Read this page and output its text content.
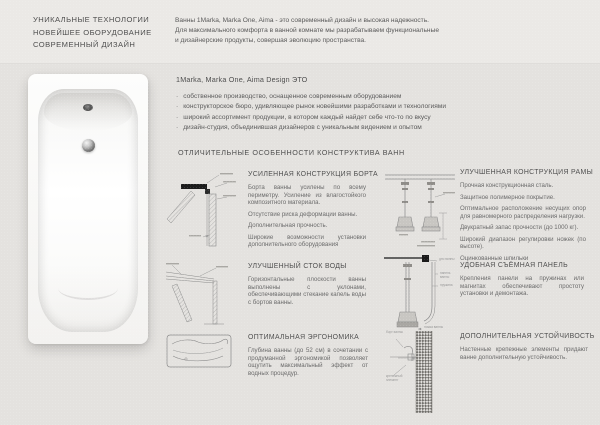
УНИКАЛЬНЫЕ ТЕХНОЛОГИИ
НОВЕЙШЕЕ ОБОРУДОВАНИЕ
СОВРЕМЕННЫЙ ДИЗАЙН
Ванны 1Marka, Marka One, Aima - это современный дизайн и высокая надежность.
Для максимального комфорта в ванной комнате мы разрабатываем функциональные
и дизайнерские продукты, совершая эволюцию пространства.
1Marka, Marka One, Aima Design ЭТО
· собственное производство, оснащенное современным оборудованием
· конструкторское бюро, удивляющее рынок новейшими разработками и технологиями
· широкий ассортимент продукции, в котором каждый найдет себе что-то по вкусу
· дизайн-студия, объединившая дизайнеров с уникальным видением и опытом
ОТЛИЧИТЕЛЬНЫЕ ОСОБЕННОСТИ КОНСТРУКТИВА ВАНН
дно ванны
панель ванны
пружина
ножка ванны
борт ванны
крепежный элемент
УСИЛЕННАЯ КОНСТРУКЦИЯ БОРТА
Борта ванны усилены по всему периметру. Усиление из влагостойкого композитного материала.
Отсутствие риска деформации ванны.
Дополнительная прочность.
Широкие возможности установки дополнительного оборудования
УЛУЧШЕННЫЙ СТОК ВОДЫ
Горизонтальные плоскости ванны выполнены с уклонами, обеспечивающими стекание капель воды с бортов ванны.
ОПТИМАЛЬНАЯ ЭРГОНОМИКА
Глубина ванны (до 52 см) в сочетании с продуманной эргономикой позволяет ощутить максимальный эффект от водных процедур.
УЛУЧШЕННАЯ КОНСТРУКЦИЯ РАМЫ
Прочная конструкционная сталь.
Защитное полимерное покрытие.
Оптимальное расположение несущих опор для равномерного распределения нагрузки.
Двукратный запас прочности (до 1000 кг).
Широкий диапазон регулировки ножек (по высоте).
Оцинкованные шпильки
УДОБНАЯ СЪЁМНАЯ ПАНЕЛЬ
Крепления панели на пружинах или магнитах обеспечивают простоту установки и демонтажа.
ДОПОЛНИТЕЛЬНАЯ УСТОЙЧИВОСТЬ
Настенные крепежные элементы придают ванне дополнительную устойчивость.
